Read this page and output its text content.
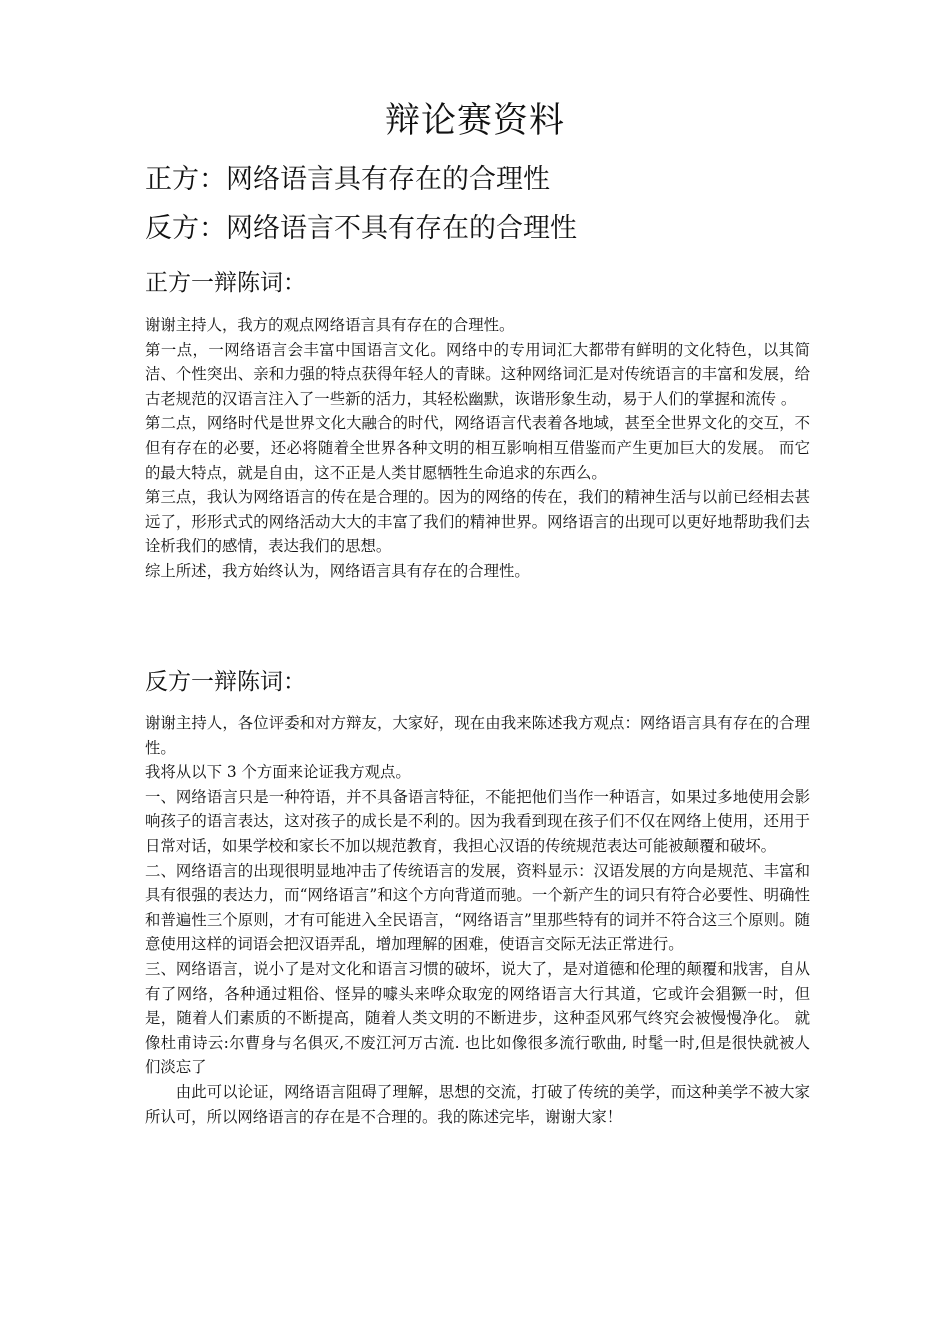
辩论赛资料
正方：网络语言具有存在的合理性
反方：网络语言不具有存在的合理性
正方一辩陈词：

谢谢主持人，我方的观点网络语言具有存在的合理性。

第一点，一网络语言会丰富中国语言文化。网络中的专用词汇大都带有鲜明的文化特色，以其简洁、个性突出、亲和力强的特点获得年轻人的青睐。这种网络词汇是对传统语言的丰富和发展，给古老规范的汉语言注入了一些新的活力，其轻松幽默，诙谐形象生动，易于人们的掌握和流传 。

第二点，网络时代是世界文化大融合的时代，网络语言代表着各地域，甚至全世界文化的交互，不但有存在的必要，还必将随着全世界各种文明的相互影响相互借鉴而产生更加巨大的发展。 而它的最大特点，就是自由，这不正是人类甘愿牺牲生命追求的东西么。

第三点，我认为网络语言的传在是合理的。因为的网络的传在，我们的精神生活与以前已经相去甚远了，形形式式的网络活动大大的丰富了我们的精神世界。网络语言的出现可以更好地帮助我们去诠析我们的感情，表达我们的思想。

综上所述，我方始终认为，网络语言具有存在的合理性。

反方一辩陈词：

谢谢主持人，各位评委和对方辩友，大家好，现在由我来陈述我方观点：网络语言具有存在的合理性。

我将从以下 3 个方面来论证我方观点。

一、网络语言只是一种符语，并不具备语言特征，不能把他们当作一种语言，如果过多地使用会影响孩子的语言表达，这对孩子的成长是不利的。因为我看到现在孩子们不仅在网络上使用，还用于日常对话，如果学校和家长不加以规范教育，我担心汉语的传统规范表达可能被颠覆和破坏。

二、网络语言的出现很明显地冲击了传统语言的发展，资料显示：汉语发展的方向是规范、丰富和具有很强的表达力，而“网络语言”和这个方向背道而驰。一个新产生的词只有符合必要性、明确性和普遍性三个原则，才有可能进入全民语言，“网络语言”里那些特有的词并不符合这三个原则。随意使用这样的词语会把汉语弄乱，增加理解的困难，使语言交际无法正常进行。

三、网络语言，说小了是对文化和语言习惯的破坏，说大了，是对道德和伦理的颠覆和戕害，自从有了网络，各种通过粗俗、怪异的噱头来哗众取宠的网络语言大行其道，它或许会猖獗一时，但是，随着人们素质的不断提高，随着人类文明的不断进步，这种歪风邪气终究会被慢慢净化。 就像杜甫诗云:尔曹身与名俱灭,不废江河万古流. 也比如像很多流行歌曲, 时髦一时,但是很快就被人们淡忘了

由此可以论证，网络语言阻碍了理解，思想的交流，打破了传统的美学，而这种美学不被大家所认可，所以网络语言的存在是不合理的。我的陈述完毕，谢谢大家！
